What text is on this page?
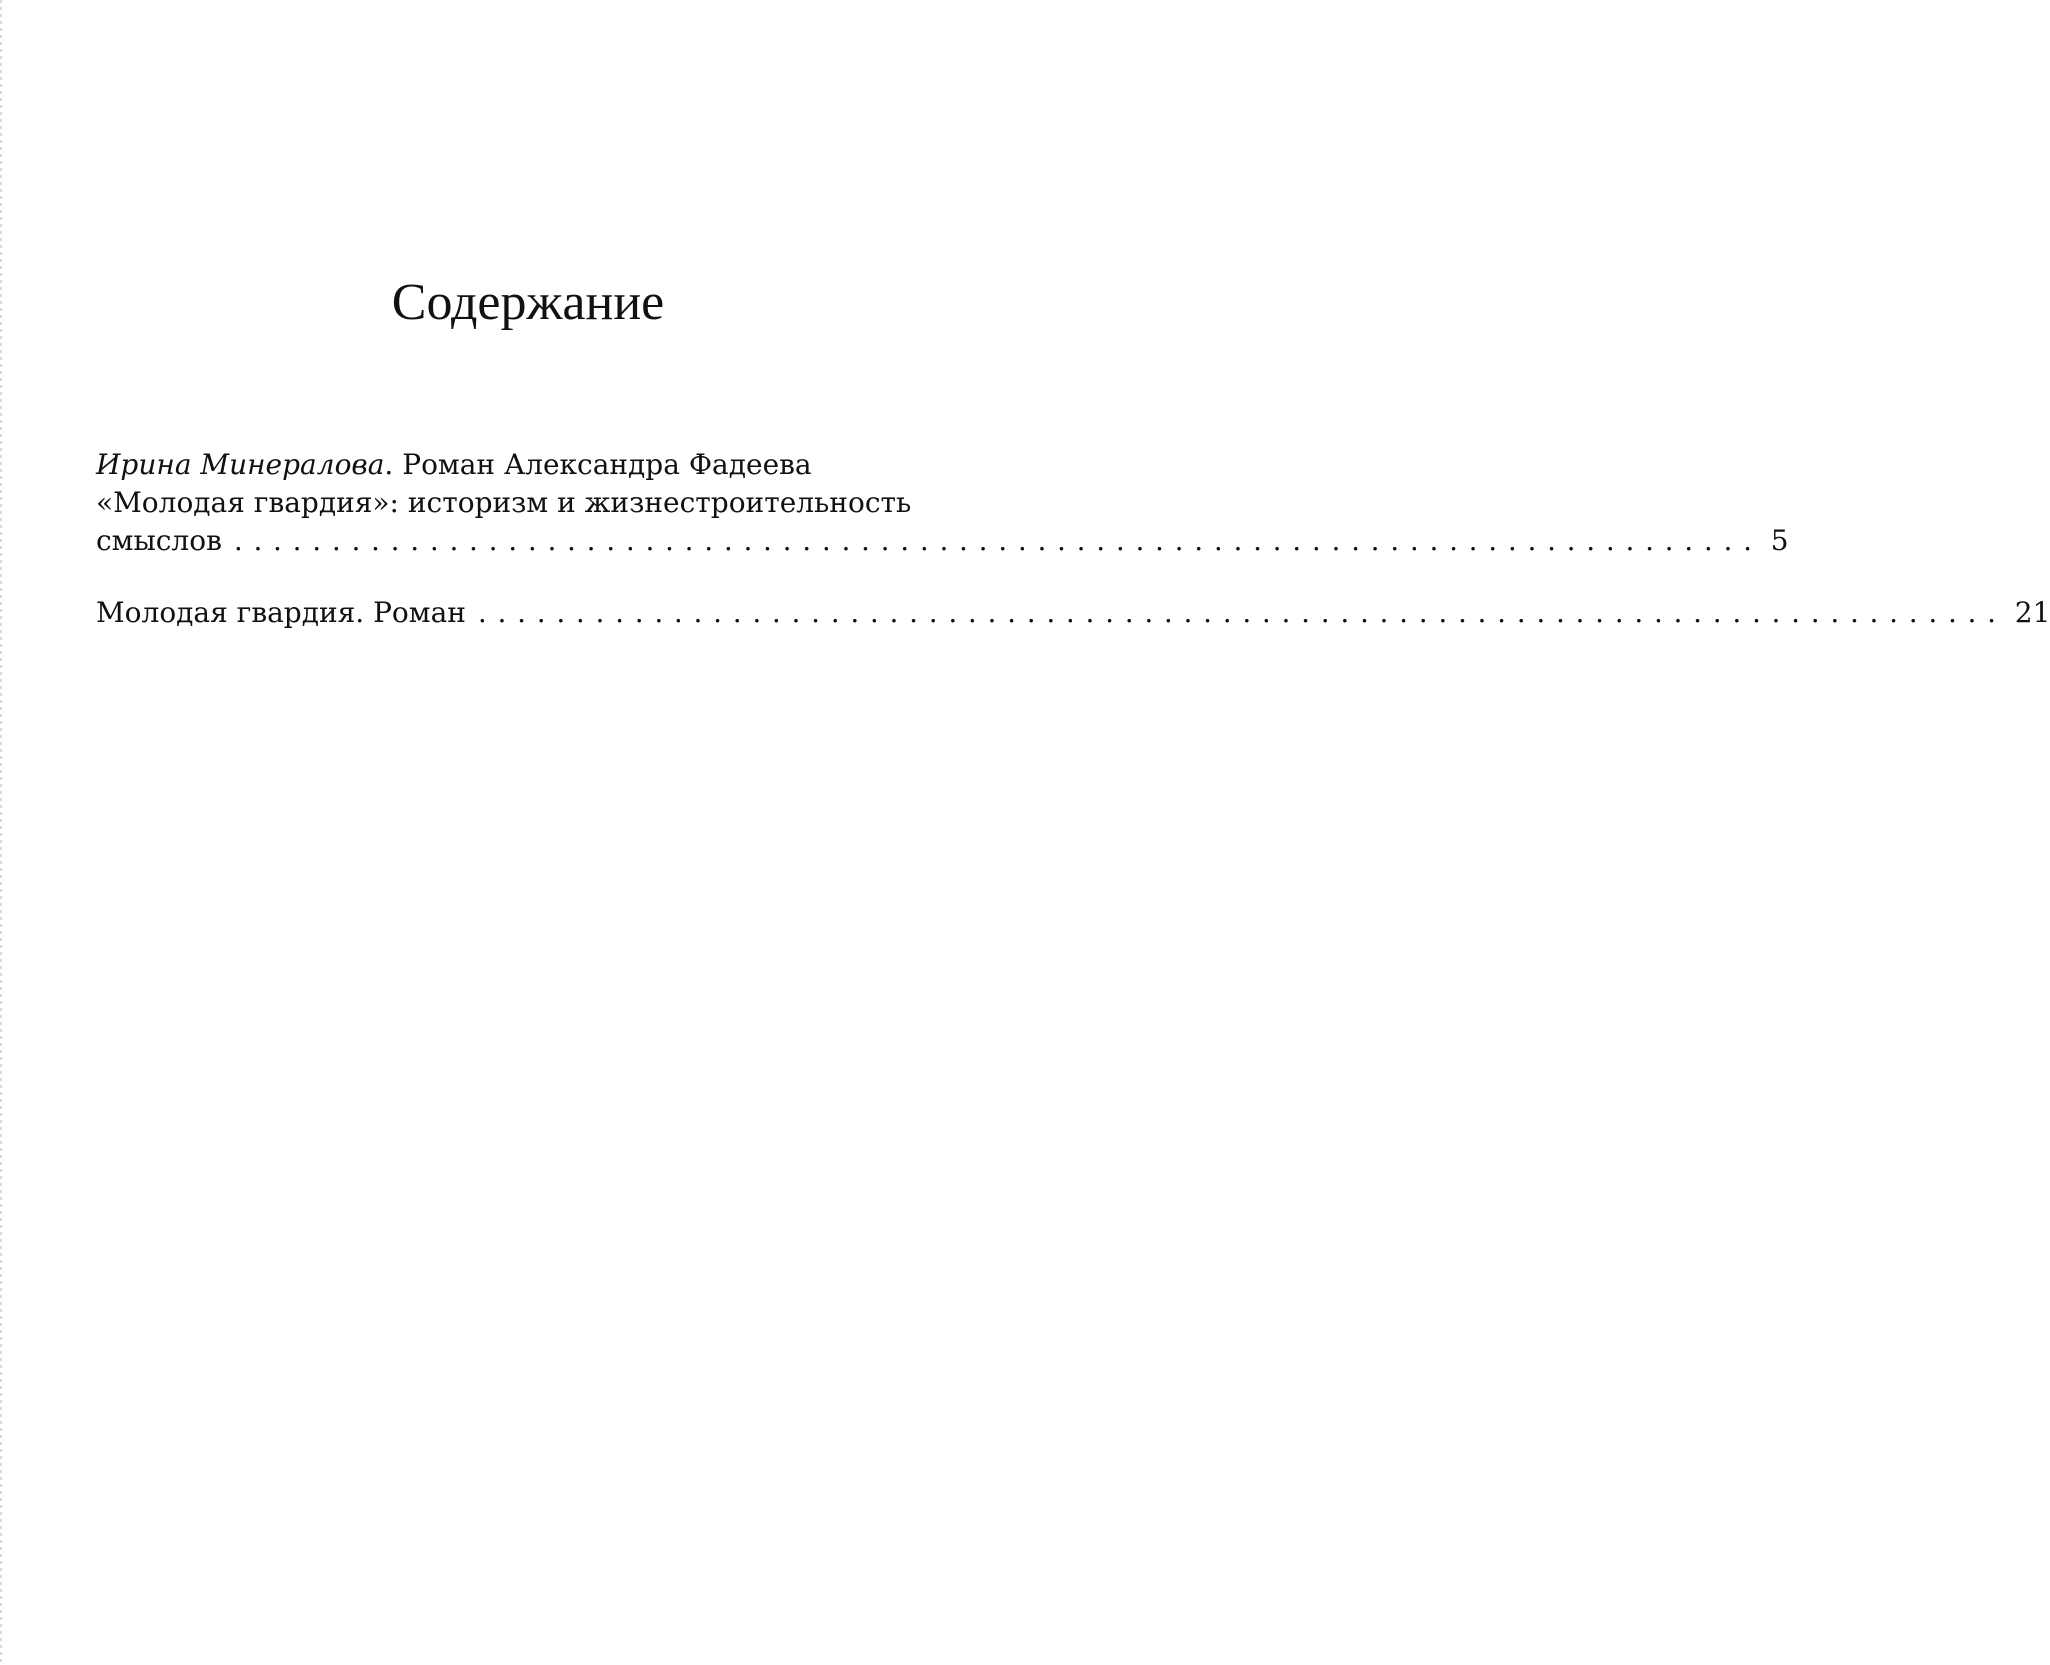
Содержание
Ирина Минералова. Роман Александра Фадеева
«Молодая гвардия»: историзм и жизнестроительность
смыслов .............................................................................. 5
Молодая гвардия. Роман .............................................................................. 21
